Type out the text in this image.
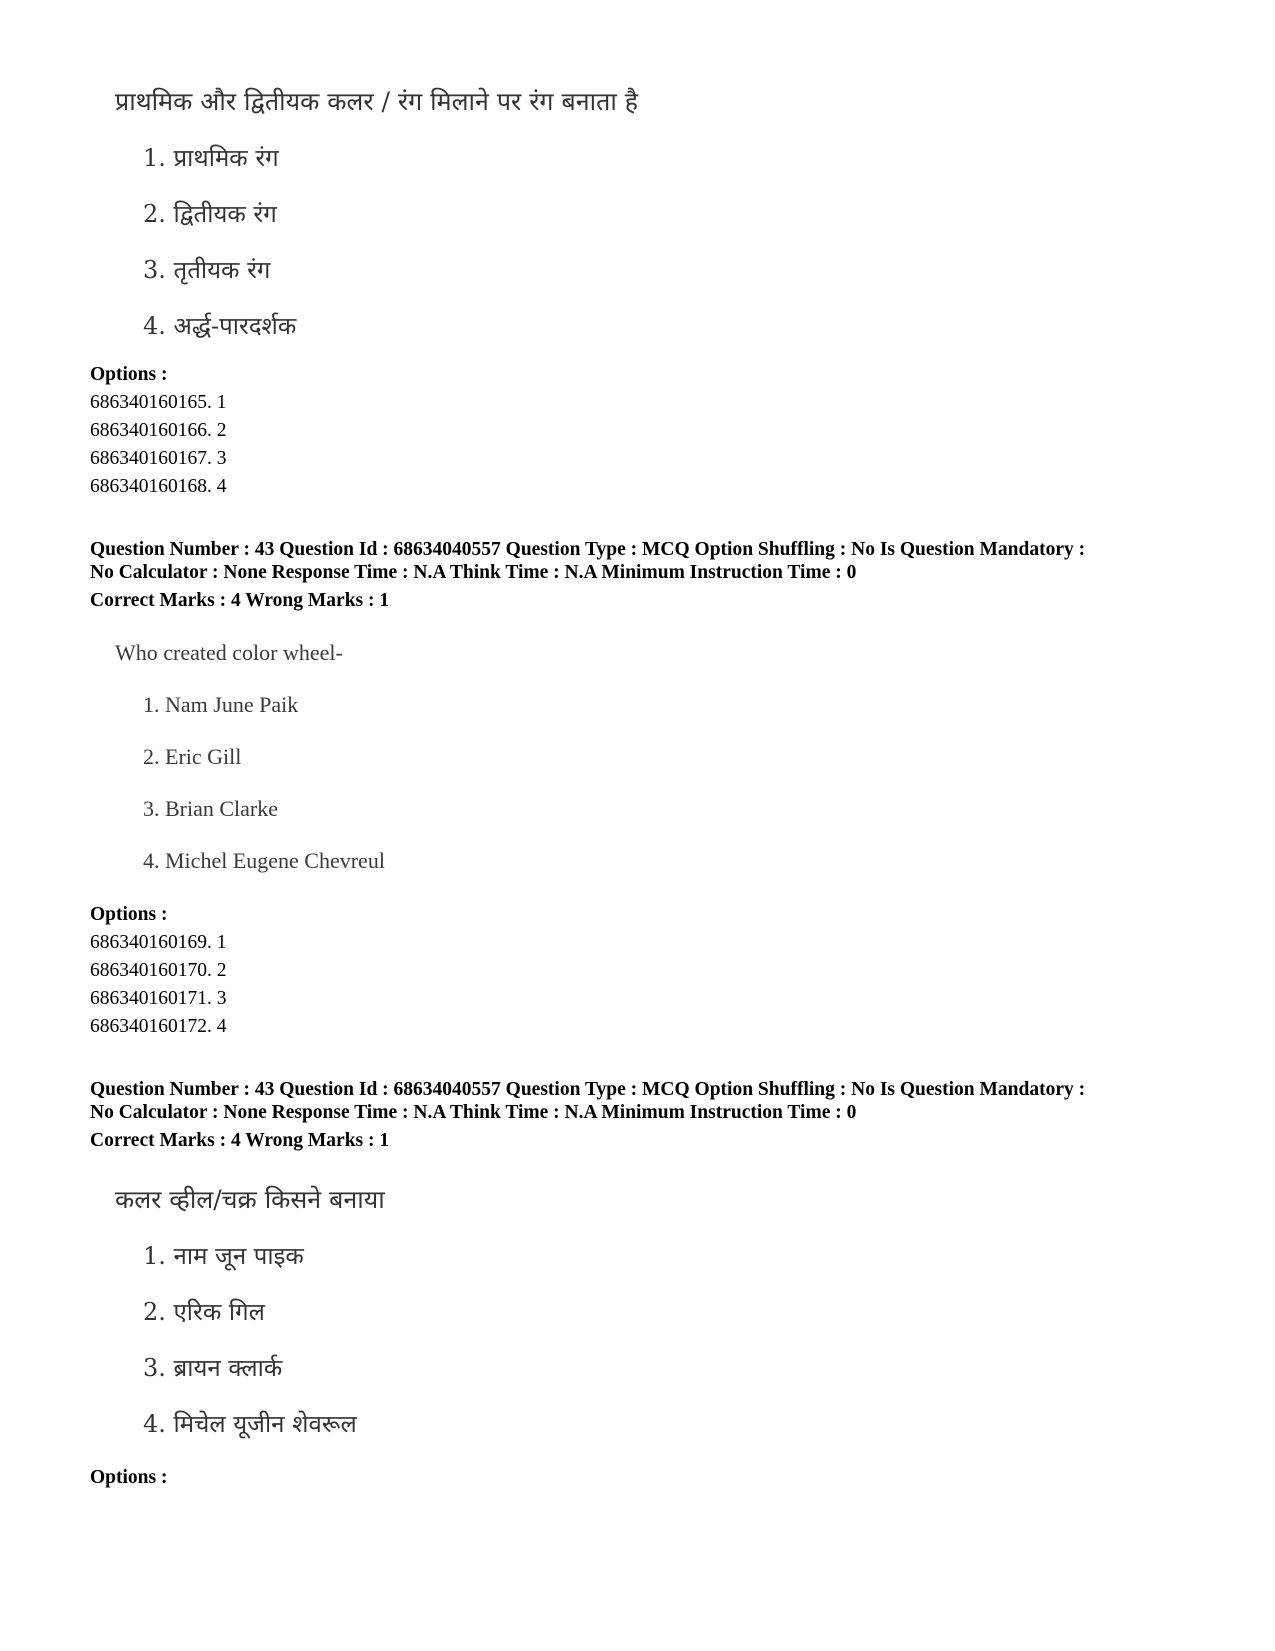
प्राथमिक और द्वितीयक कलर / रंग मिलाने पर रंग बनाता है
1. प्राथमिक रंग
2. द्वितीयक रंग
3. तृतीयक रंग
4. अर्द्ध-पारदर्शक
Options :
686340160165. 1
686340160166. 2
686340160167. 3
686340160168. 4
Question Number : 43 Question Id : 68634040557 Question Type : MCQ Option Shuffling : No Is Question Mandatory :
No Calculator : None Response Time : N.A Think Time : N.A Minimum Instruction Time : 0
Correct Marks : 4 Wrong Marks : 1
Who created color wheel-
1. Nam June Paik
2. Eric Gill
3. Brian Clarke
4. Michel Eugene Chevreul
Options :
686340160169. 1
686340160170. 2
686340160171. 3
686340160172. 4
Question Number : 43 Question Id : 68634040557 Question Type : MCQ Option Shuffling : No Is Question Mandatory :
No Calculator : None Response Time : N.A Think Time : N.A Minimum Instruction Time : 0
Correct Marks : 4 Wrong Marks : 1
कलर व्हील/चक्र किसने बनाया
1. नाम जून पाइक
2. एरिक गिल
3. ब्रायन क्लार्क
4. मिचेल यूजीन शेवरूल
Options :
